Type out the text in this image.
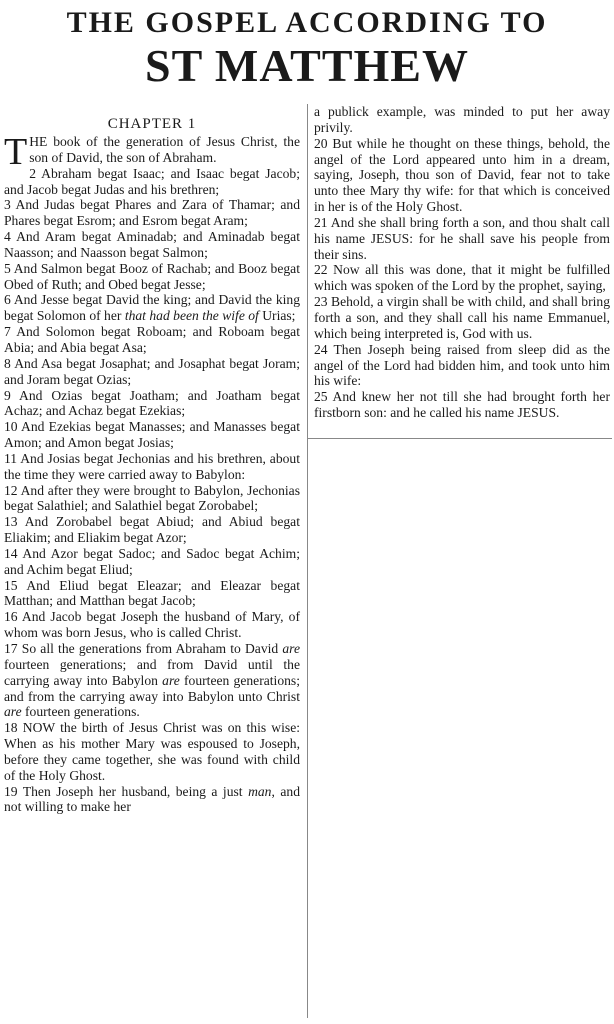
THE GOSPEL ACCORDING TO
ST MATTHEW
CHAPTER 1

THE book of the generation of Jesus Christ, the son of David, the son of Abraham.

2 Abraham begat Isaac; and Isaac begat Jacob; and Jacob begat Judas and his brethren;

3 And Judas begat Phares and Zara of Thamar; and Phares begat Esrom; and Esrom begat Aram;

4 And Aram begat Aminadab; and Aminadab begat Naasson; and Naasson begat Salmon;

5 And Salmon begat Booz of Rachab; and Booz begat Obed of Ruth; and Obed begat Jesse;

6 And Jesse begat David the king; and David the king begat Solomon of her that had been the wife of Urias;

7 And Solomon begat Roboam; and Roboam begat Abia; and Abia begat Asa;

8 And Asa begat Josaphat; and Josaphat begat Joram; and Joram begat Ozias;

9 And Ozias begat Joatham; and Joatham begat Achaz; and Achaz begat Ezekias;

10 And Ezekias begat Manasses; and Manasses begat Amon; and Amon begat Josias;

11 And Josias begat Jechonias and his brethren, about the time they were carried away to Babylon:

12 And after they were brought to Babylon, Jechonias begat Salathiel; and Salathiel begat Zorobabel;

13 And Zorobabel begat Abiud; and Abiud begat Eliakim; and Eliakim begat Azor;

14 And Azor begat Sadoc; and Sadoc begat Achim; and Achim begat Eliud;

15 And Eliud begat Eleazar; and Eleazar begat Matthan; and Matthan begat Jacob;

16 And Jacob begat Joseph the husband of Mary, of whom was born Jesus, who is called Christ.

17 So all the generations from Abraham to David are fourteen generations; and from David until the carrying away into Babylon are fourteen generations; and from the carrying away into Babylon unto Christ are fourteen generations.

18 NOW the birth of Jesus Christ was on this wise: When as his mother Mary was espoused to Joseph, before they came together, she was found with child of the Holy Ghost.

19 Then Joseph her husband, being a just man, and not willing to make her

a publick example, was minded to put her away privily.

20 But while he thought on these things, behold, the angel of the Lord appeared unto him in a dream, saying, Joseph, thou son of David, fear not to take unto thee Mary thy wife: for that which is conceived in her is of the Holy Ghost.

21 And she shall bring forth a son, and thou shalt call his name JESUS: for he shall save his people from their sins.

22 Now all this was done, that it might be fulfilled which was spoken of the Lord by the prophet, saying,

23 Behold, a virgin shall be with child, and shall bring forth a son, and they shall call his name Emmanuel, which being interpreted is, God with us.

24 Then Joseph being raised from sleep did as the angel of the Lord had bidden him, and took unto him his wife:

25 And knew her not till she had brought forth her firstborn son: and he called his name JESUS.
